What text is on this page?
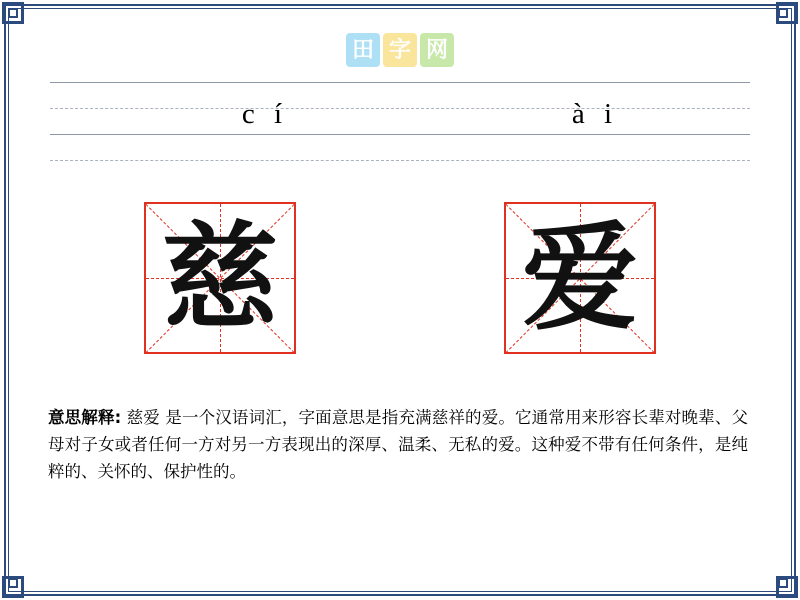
田 字 网
c í	à i
慈 爱
意思解释: 慈爱 是一个汉语词汇，字面意思是指充满慈祥的爱。它通常用来形容长辈对晚辈、父母对子女或者任何一方对另一方表现出的深厚、温柔、无私的爱。这种爱不带有任何条件，是纯粹的、关怀的、保护性的。
